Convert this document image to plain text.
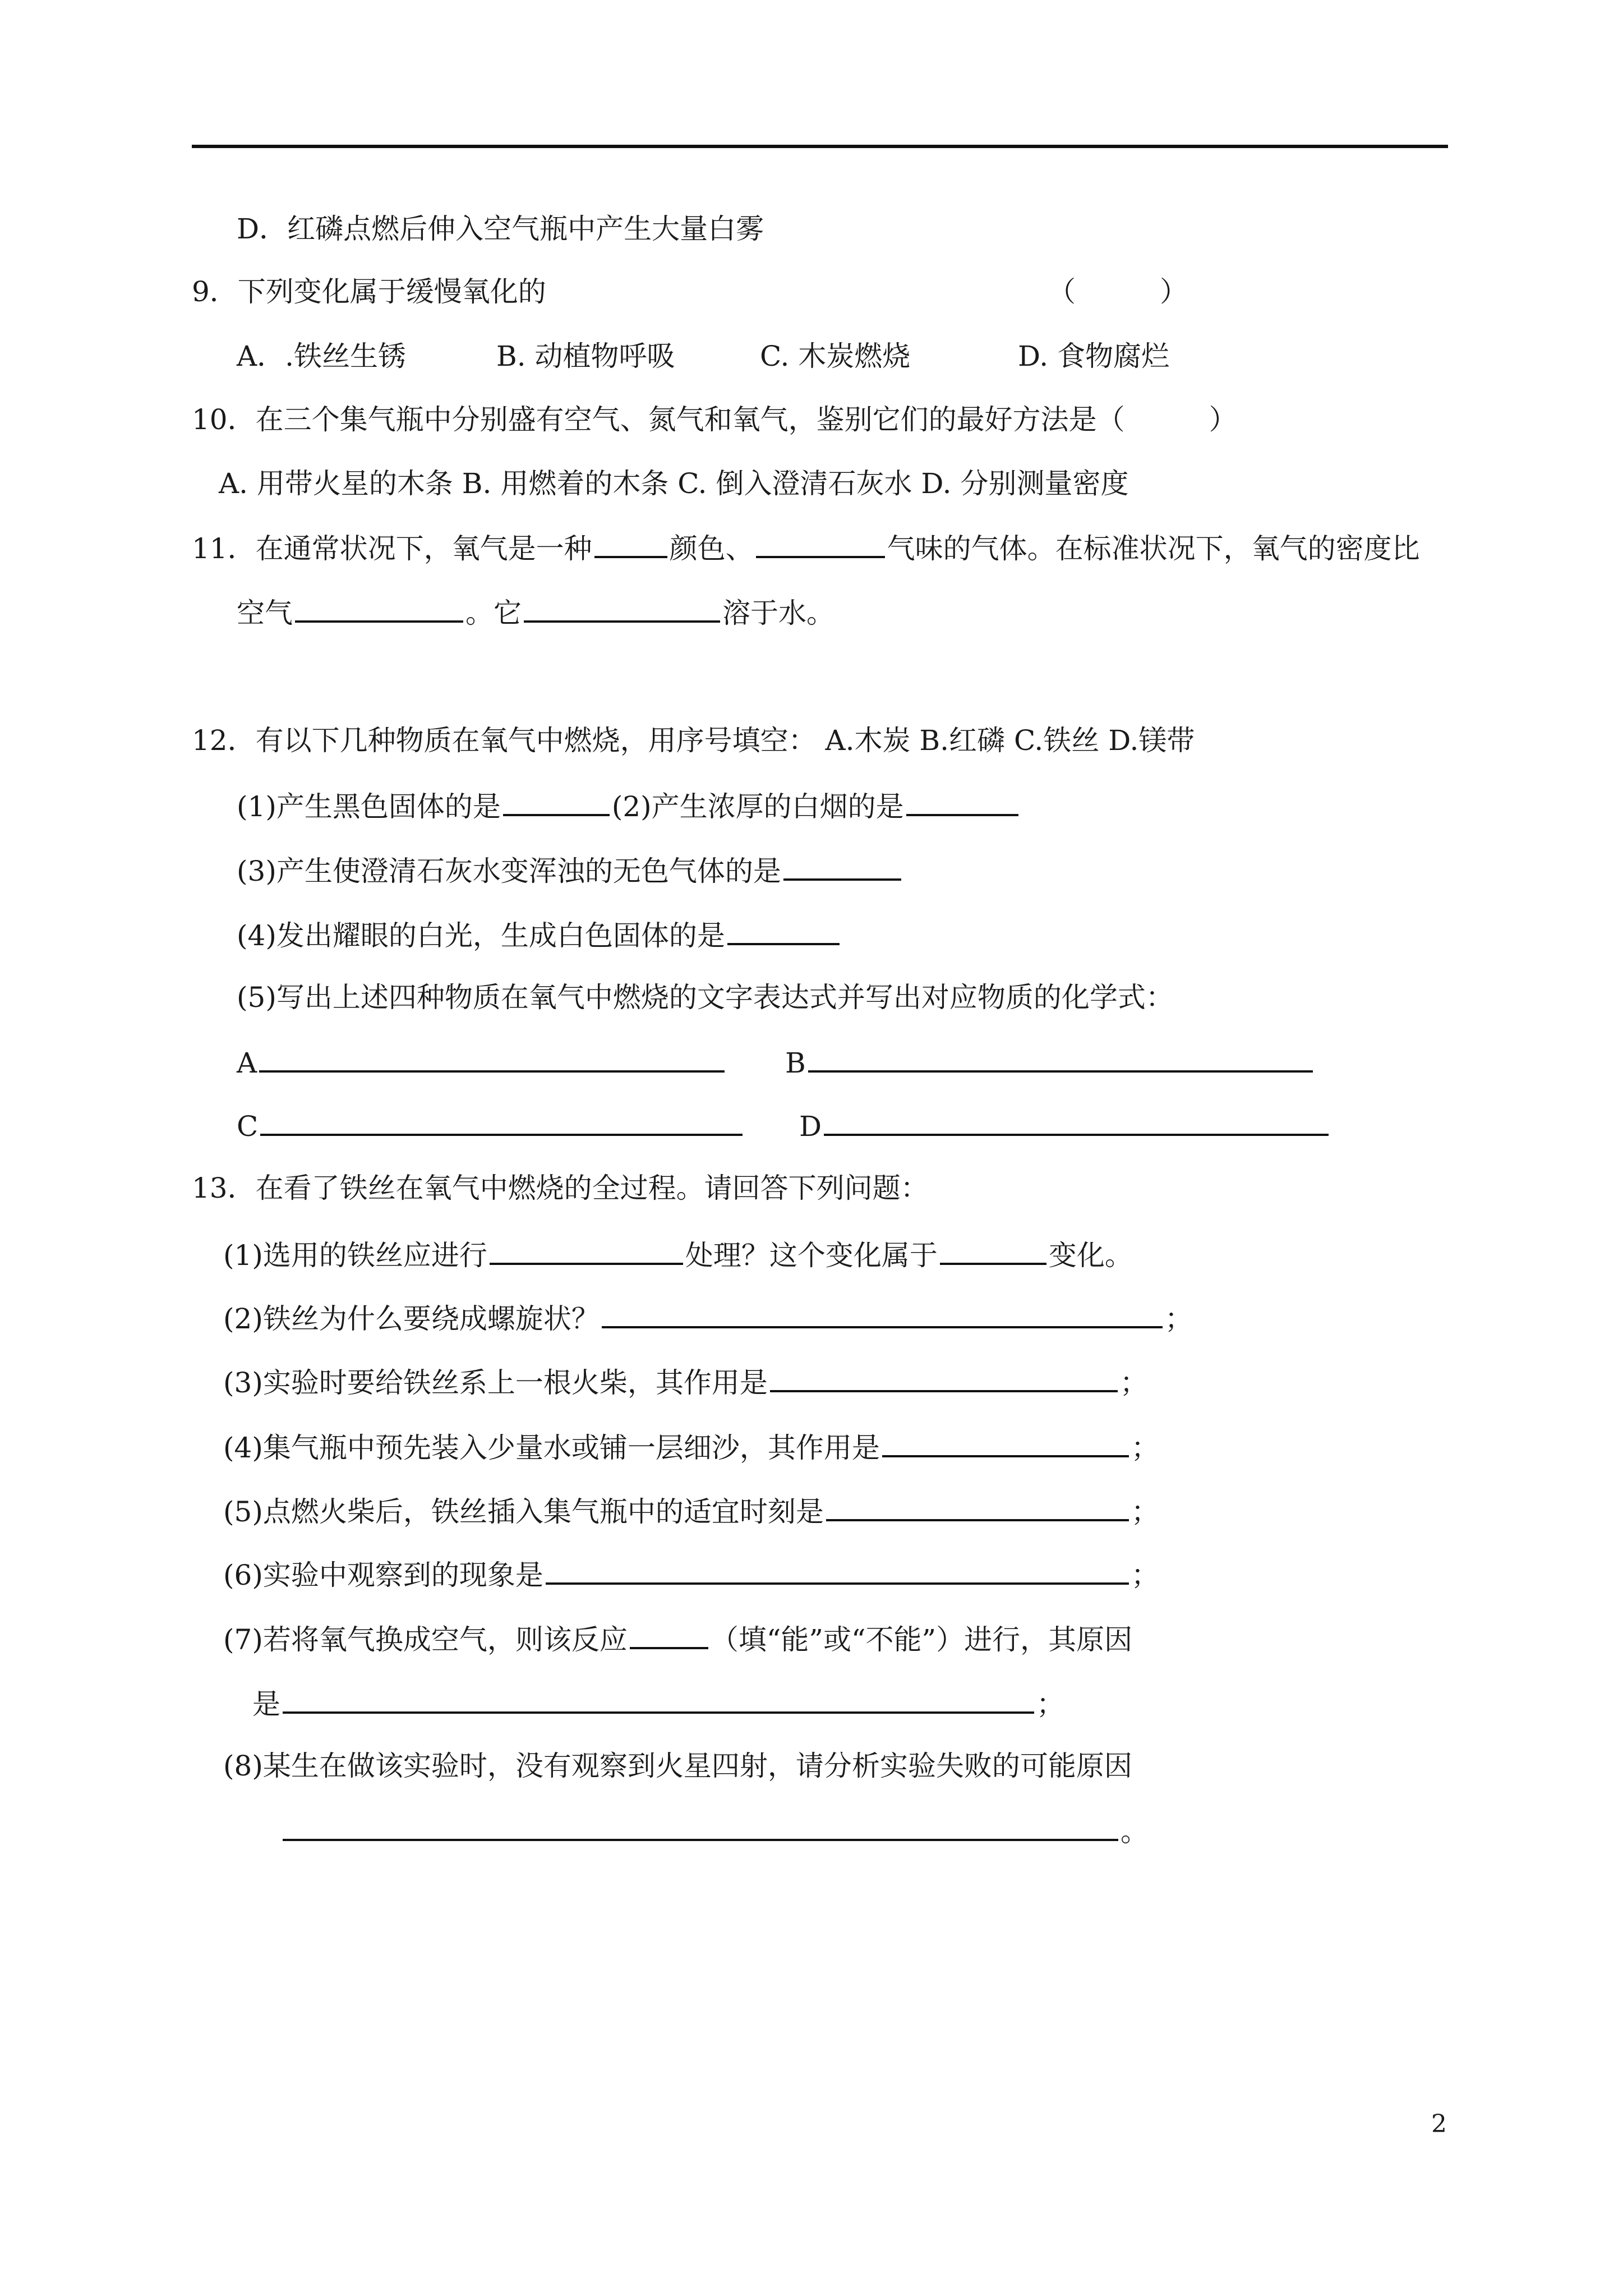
D．红磷点燃后伸入空气瓶中产生大量白雾
9．下列变化属于缓慢氧化的	（　　　）
A．.铁丝生锈	B. 动植物呼吸	C. 木炭燃烧	D. 食物腐烂
10．在三个集气瓶中分别盛有空气、氮气和氧气，鉴别它们的最好方法是（　　　）
A. 用带火星的木条 B. 用燃着的木条 C. 倒入澄清石灰水 D. 分别测量密度
11．在通常状况下，氧气是一种	颜色、	气味的气体。在标准状况下，氧气的密度比
空气	。它	溶于水。
12．有以下几种物质在氧气中燃烧，用序号填空： A.木炭 B.红磷 C.铁丝 D.镁带
(1)产生黑色固体的是	(2)产生浓厚的白烟的是
(3)产生使澄清石灰水变浑浊的无色气体的是
(4)发出耀眼的白光，生成白色固体的是
(5)写出上述四种物质在氧气中燃烧的文字表达式并写出对应物质的化学式：
A	B
C	D
13．在看了铁丝在氧气中燃烧的全过程。请回答下列问题：
(1)选用的铁丝应进行	处理？这个变化属于	变化。
(2)铁丝为什么要绕成螺旋状？	；
(3)实验时要给铁丝系上一根火柴，其作用是	；
(4)集气瓶中预先装入少量水或铺一层细沙，其作用是	；
(5)点燃火柴后，铁丝插入集气瓶中的适宜时刻是	；
(6)实验中观察到的现象是	；
(7)若将氧气换成空气，则该反应	（填“能”或“不能”）进行，其原因
是	；
(8)某生在做该实验时，没有观察到火星四射，请分析实验失败的可能原因
。
2
